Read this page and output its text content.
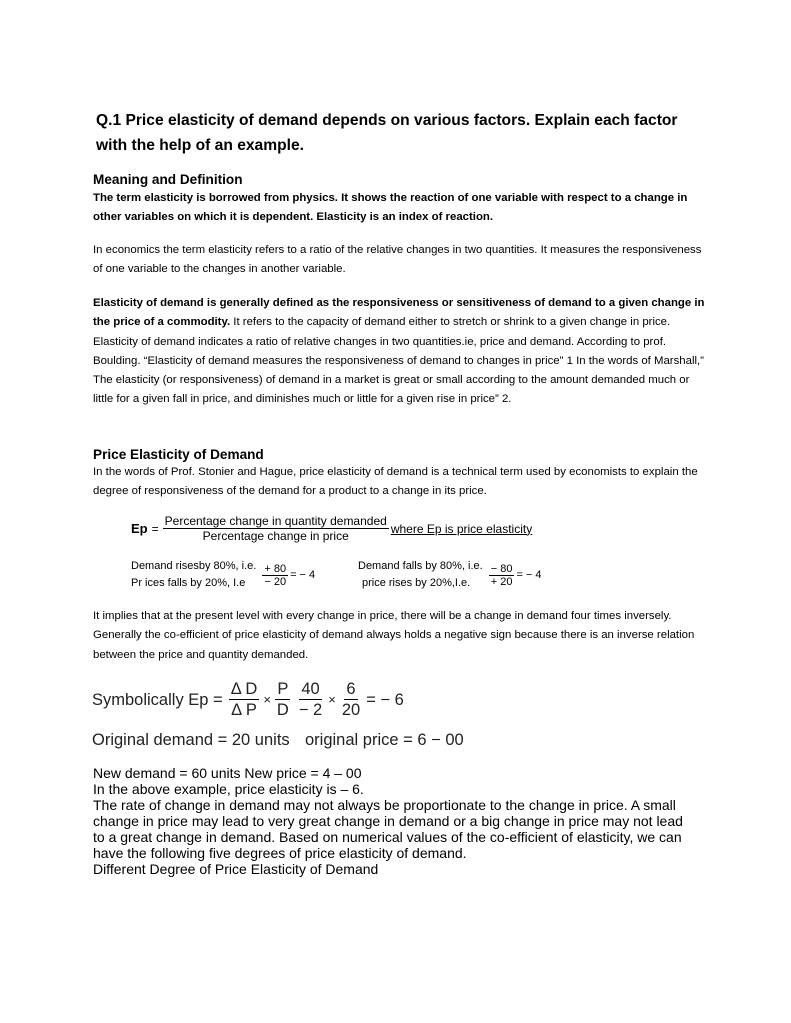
Q.1 Price elasticity of demand depends on various factors. Explain each factor
with the help of an example.
Meaning and Definition

The term elasticity is borrowed from physics. It shows the reaction of one variable with respect to a change in other variables on which it is dependent. Elasticity is an index of reaction.

In economics the term elasticity refers to a ratio of the relative changes in two quantities. It measures the responsiveness of one variable to the changes in another variable.

Elasticity of demand is generally defined as the responsiveness or sensitiveness of demand to a given change in the price of a commodity. It refers to the capacity of demand either to stretch or shrink to a given change in price. Elasticity of demand indicates a ratio of relative changes in two quantities.ie, price and demand. According to prof. Boulding. “Elasticity of demand measures the responsiveness of demand to changes in price” 1 In the words of Marshall,” The elasticity (or responsiveness) of demand in a market is great or small according to the amount demanded much or little for a given fall in price, and diminishes much or little for a given rise in price” 2.

Price Elasticity of Demand

In the words of Prof. Stonier and Hague, price elasticity of demand is a technical term used by economists to explain the degree of responsiveness of the demand for a product to a change in its price.

$Ep = \frac{\text{Percentage change in quantity demanded}}{\text{Percentage change in price}}$ where Ep is price elasticity
Demand risesby 80%, i.e.
Pr ices falls by 20%, I.e	$\frac{+ 80}{- 20}$ = − 4
Demand falls by 80%, i.e.
price rises by 20%,I.e.	$\frac{- 80}{+ 20}$ = − 4

It implies that at the present level with every change in price, there will be a change in demand four times inversely. Generally the co-efficient of price elasticity of demand always holds a negative sign because there is an inverse relation between the price and quantity demanded.

Symbolically $Ep = \frac{\text{Δ D}}{\text{Δ P}} \times \frac{P}{D} \frac{40}{- 2} \times \frac{6}{20}$ = − 6
Original demand = 20 units original price = 6 − 00
New demand = 60 units New price = 4 – 00
In the above example, price elasticity is – 6.
The rate of change in demand may not always be proportionate to the change in price. A small
change in price may lead to very great change in demand or a big change in price may not lead
to a great change in demand. Based on numerical values of the co-efficient of elasticity, we can
have the following five degrees of price elasticity of demand.
Different Degree of Price Elasticity of Demand
